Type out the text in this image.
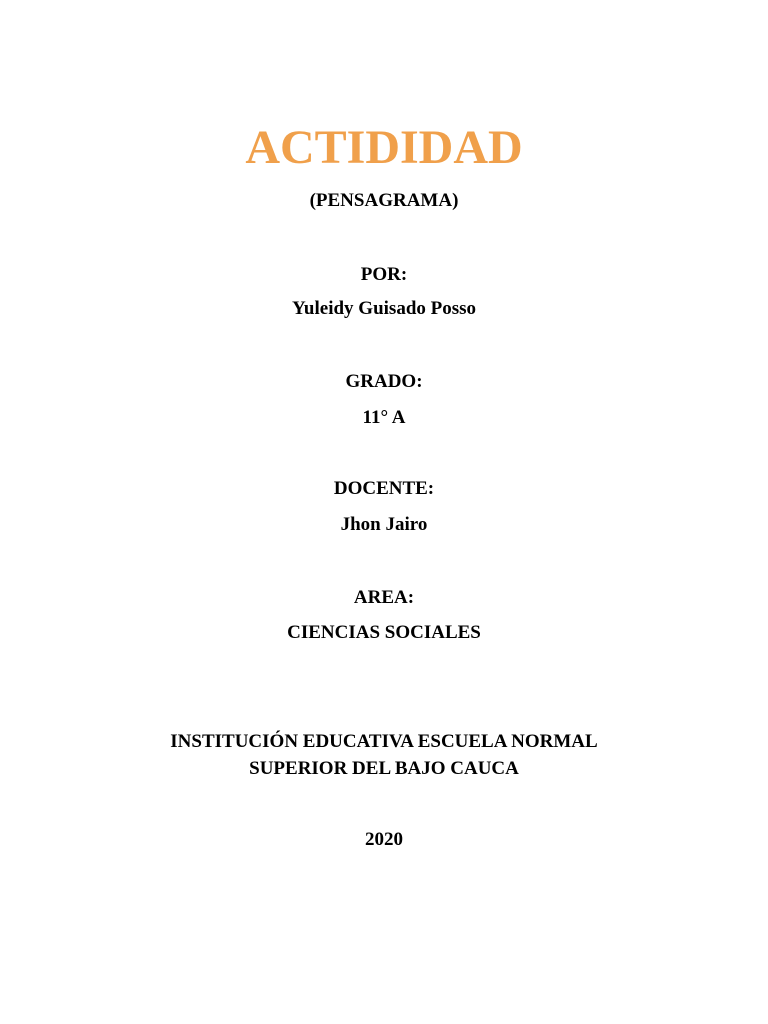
ACTIDIDAD
(PENSAGRAMA)
POR:
Yuleidy Guisado Posso
GRADO:
11° A
DOCENTE:
Jhon Jairo
AREA:
CIENCIAS SOCIALES
INSTITUCIÓN EDUCATIVA ESCUELA NORMAL
SUPERIOR DEL BAJO CAUCA
2020
